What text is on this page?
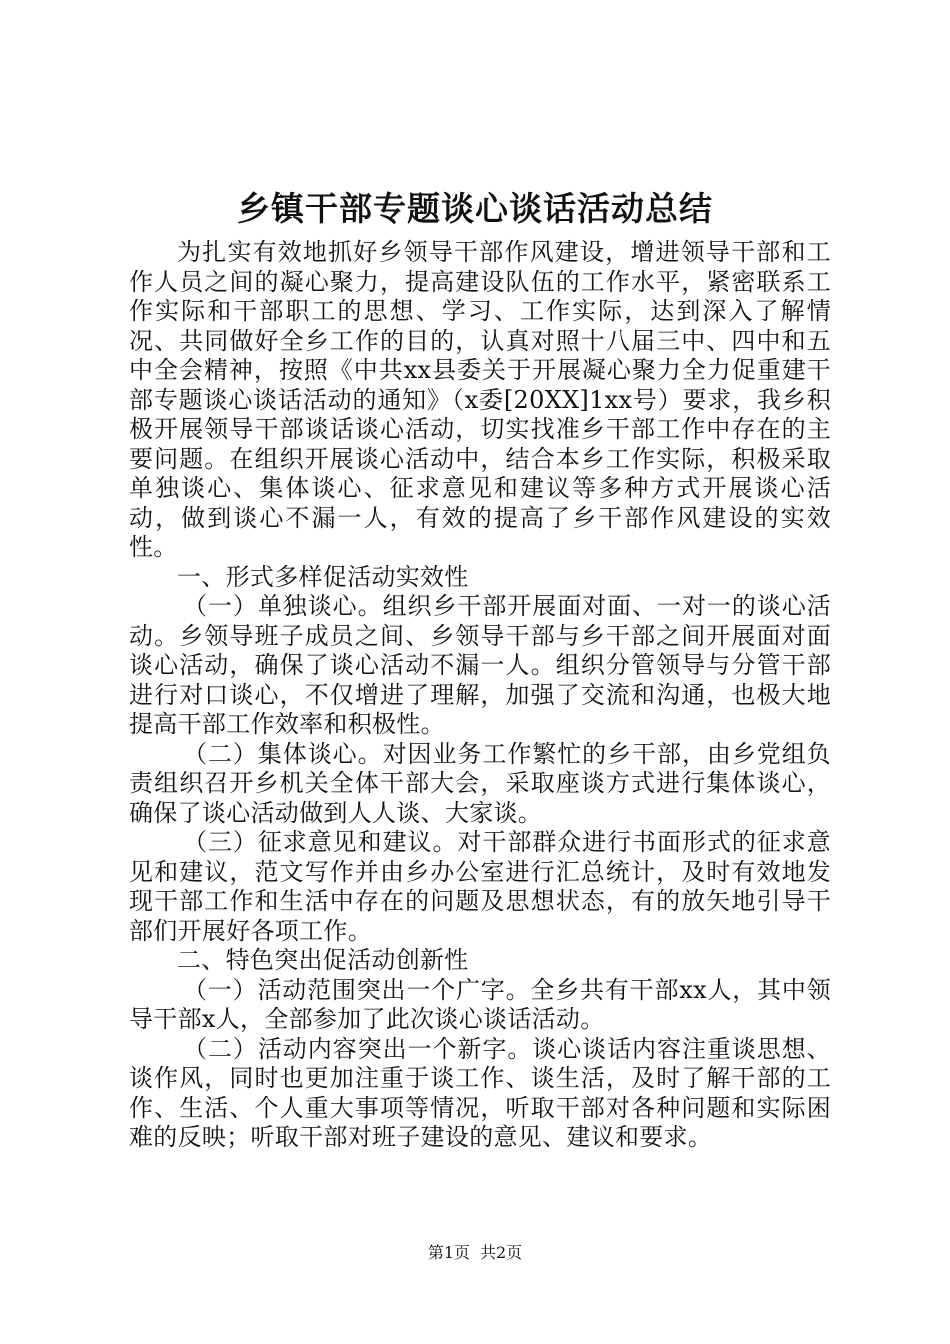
乡镇干部专题谈心谈话活动总结

为扎实有效地抓好乡领导干部作风建设，增进领导干部和工作人员之间的凝心聚力，提高建设队伍的工作水平，紧密联系工作实际和干部职工的思想、学习、工作实际，达到深入了解情况、共同做好全乡工作的目的，认真对照十八届三中、四中和五中全会精神，按照《中共xx县委关于开展凝心聚力全力促重建干部专题谈心谈话活动的通知》（x委[20XX]1xx号）要求，我乡积极开展领导干部谈话谈心活动，切实找准乡干部工作中存在的主要问题。在组织开展谈心活动中，结合本乡工作实际，积极采取单独谈心、集体谈心、征求意见和建议等多种方式开展谈心活动，做到谈心不漏一人，有效的提高了乡干部作风建设的实效性。

一、形式多样促活动实效性

（一）单独谈心。组织乡干部开展面对面、一对一的谈心活动。乡领导班子成员之间、乡领导干部与乡干部之间开展面对面谈心活动，确保了谈心活动不漏一人。组织分管领导与分管干部进行对口谈心，不仅增进了理解，加强了交流和沟通，也极大地提高干部工作效率和积极性。

（二）集体谈心。对因业务工作繁忙的乡干部，由乡党组负责组织召开乡机关全体干部大会，采取座谈方式进行集体谈心，确保了谈心活动做到人人谈、大家谈。

（三）征求意见和建议。对干部群众进行书面形式的征求意见和建议，范文写作并由乡办公室进行汇总统计，及时有效地发现干部工作和生活中存在的问题及思想状态，有的放矢地引导干部们开展好各项工作。

二、特色突出促活动创新性

（一）活动范围突出一个广字。全乡共有干部xx人，其中领导干部x人，全部参加了此次谈心谈话活动。

（二）活动内容突出一个新字。谈心谈话内容注重谈思想、谈作风，同时也更加注重于谈工作、谈生活，及时了解干部的工作、生活、个人重大事项等情况，听取干部对各种问题和实际困难的反映；听取干部对班子建设的意见、建议和要求。

第1页 共2页
